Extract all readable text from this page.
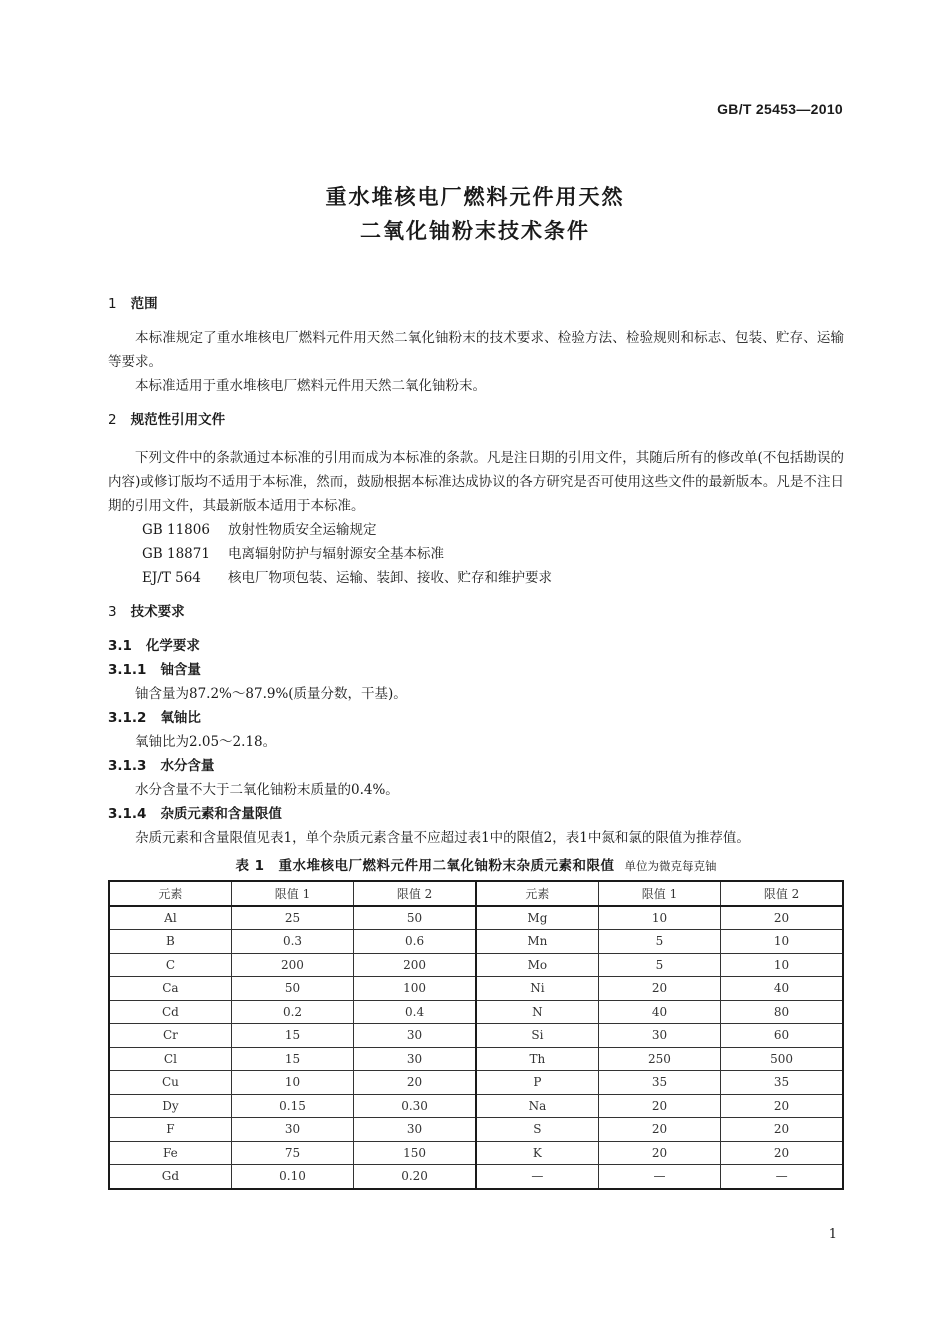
GB/T 25453—2010
重水堆核电厂燃料元件用天然
二氧化铀粉末技术条件
1 范围

本标准规定了重水堆核电厂燃料元件用天然二氧化铀粉末的技术要求、检验方法、检验规则和标志、包装、贮存、运输等要求。

本标准适用于重水堆核电厂燃料元件用天然二氧化铀粉末。

2 规范性引用文件

下列文件中的条款通过本标准的引用而成为本标准的条款。凡是注日期的引用文件，其随后所有的修改单(不包括勘误的内容)或修订版均不适用于本标准，然而，鼓励根据本标准达成协议的各方研究是否可使用这些文件的最新版本。凡是不注日期的引用文件，其最新版本适用于本标准。

GB 11806 放射性物质安全运输规定
GB 18871 电离辐射防护与辐射源安全基本标准
EJ/T 564 核电厂物项包装、运输、装卸、接收、贮存和维护要求
3 技术要求
3.1 化学要求
3.1.1 铀含量

铀含量为87.2%～87.9%(质量分数，干基)。

3.1.2 氧铀比

氧铀比为2.05～2.18。

3.1.3 水分含量

水分含量不大于二氧化铀粉末质量的0.4%。

3.1.4 杂质元素和含量限值

杂质元素和含量限值见表1，单个杂质元素含量不应超过表1中的限值2，表1中氮和氯的限值为推荐值。

表 1　重水堆核电厂燃料元件用二氧化铀粉末杂质元素和限值 单位为微克每克铀
元素	限值 1	限值 2	元素	限值 1	限值 2
Al	25	50	Mg	10	20
B	0.3	0.6	Mn	5	10
C	200	200	Mo	5	10
Ca	50	100	Ni	20	40
Cd	0.2	0.4	N	40	80
Cr	15	30	Si	30	60
Cl	15	30	Th	250	500
Cu	10	20	P	35	35
Dy	0.15	0.30	Na	20	20
F	30	30	S	20	20
Fe	75	150	K	20	20
Gd	0.10	0.20	—	—	—
1
